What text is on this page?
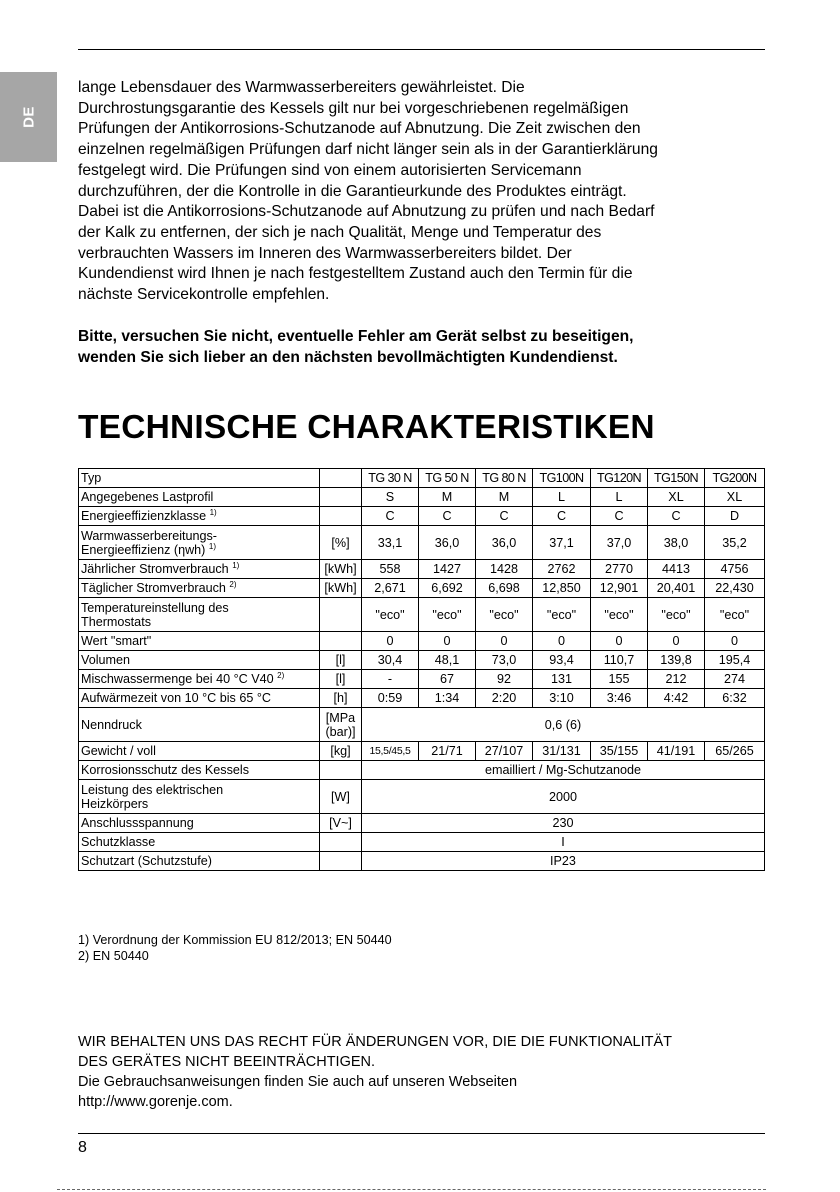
DE

lange Lebensdauer des Warmwasserbereiters gewährleistet. Die

Durchrostungsgarantie des Kessels gilt nur bei vorgeschriebenen regelmäßigen

Prüfungen der Antikorrosions-Schutzanode auf Abnutzung. Die Zeit zwischen den

einzelnen regelmäßigen Prüfungen darf nicht länger sein als in der Garantierklärung

festgelegt wird. Die Prüfungen sind von einem autorisierten Servicemann

durchzuführen, der die Kontrolle in die Garantieurkunde des Produktes einträgt.

Dabei ist die Antikorrosions-Schutzanode auf Abnutzung zu prüfen und nach Bedarf

der Kalk zu entfernen, der sich je nach Qualität, Menge und Temperatur des

verbrauchten Wassers im Inneren des Warmwasserbereiters bildet. Der

Kundendienst wird Ihnen je nach festgestelltem Zustand auch den Termin für die

nächste Servicekontrolle empfehlen.

Bitte, versuchen Sie nicht, eventuelle Fehler am Gerät selbst zu beseitigen,

wenden Sie sich lieber an den nächsten bevollmächtigten Kundendienst.

TECHNISCHE CHARAKTERISTIKEN
Typ		TG 30 N	TG 50 N	TG 80 N	TG100N	TG120N	TG150N	TG200N
Angegebenes Lastprofil		S	M	M	L	L	XL	XL
Energieeffizienzklasse $^{1)}$		C	C	C	C	C	C	D

Warmwasserbereitungs-
Energieeffizienz (ηwh) $^{1)}$	[%]	33,1	36,0	36,0	37,1	37,0	38,0	35,2
Jährlicher Stromverbrauch $^{1)}$	[kWh]	558	1427	1428	2762	2770	4413	4756
Täglicher Stromverbrauch $^{2)}$	[kWh]	2,671	6,692	6,698	12,850	12,901	20,401	22,430

Temperatureinstellung des
Thermostats		"eco"	"eco"	"eco"	"eco"	"eco"	"eco"	"eco"
Wert "smart"		0	0	0	0	0	0	0
Volumen	[l]	30,4	48,1	73,0	93,4	110,7	139,8	195,4
Mischwassermenge bei 40 °C V40 $^{2)}$	[l]	-	67	92	131	155	212	274
Aufwärmezeit von 10 °C bis 65 °C	[h]	0:59	1:34	2:20	3:10	3:46	4:42	6:32
Nenndruck	[MPa
(bar)]	0,6 (6)						
Gewicht / voll	[kg]	15,5/45,5	21/71	27/107	31/131	35/155	41/191	65/265
Korrosionsschutz des Kessels		emailliert / Mg-Schutzanode						

Leistung des elektrischen
Heizkörpers	[W]	2000						
Anschlussspannung	[V~]	230						
Schutzklasse		I						
Schutzart (Schutzstufe)		IP23						
1) Verordnung der Kommission EU 812/2013; EN 50440
2) EN 50440
WIR BEHALTEN UNS DAS RECHT FÜR ÄNDERUNGEN VOR, DIE DIE FUNKTIONALITÄT
DES GERÄTES NICHT BEEINTRÄCHTIGEN.
Die Gebrauchsanweisungen finden Sie auch auf unseren Webseiten
http://www.gorenje.com.
8
